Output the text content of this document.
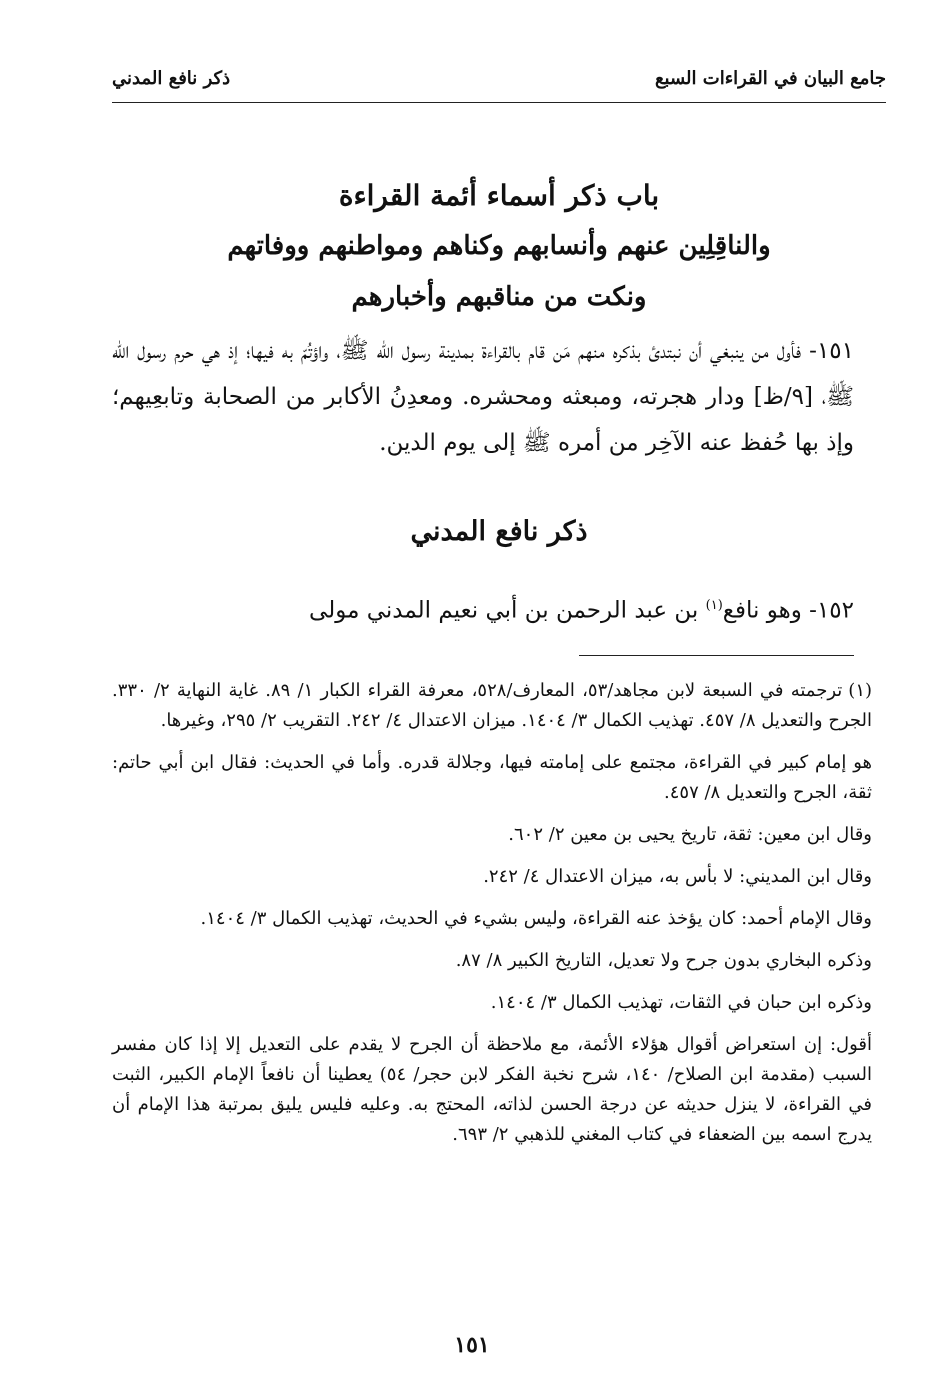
جامع البيان في القراءات السبع
ذكر نافع المدني
باب ذكر أسماء أئمة القراءة
والناقِلِين عنهم وأنسابهم وكناهم ومواطنهم ووفاتهم
ونكت من مناقبهم وأخبارهم

١٥١- فأول من ينبغي أن نبتدئ بذكره منهم مَن قام بالقراءة بمدينة رسول الله ﷺ، واؤتُمّ به فيها؛ إذ هي حرم رسول الله ﷺ، [٩/ظ] ودار هجرته، ومبعثه ومحشره. ومعدِنُ الأكابر من الصحابة وتابعِيهم؛ وإذ بها حُفظ عنه الآخِر من أمره ﷺ إلى يوم الدين.

ذكر نافع المدني

١٥٢- وهو نافع$^{(١)}$ بن عبد الرحمن بن أبي نعيم المدني مولى

(١)ترجمته في السبعة لابن مجاهد/٥٣، المعارف/٥٢٨، معرفة القراء الكبار ١/ ٨٩. غاية النهاية ٢/ ٣٣٠. الجرح والتعديل ٨/ ٤٥٧. تهذيب الكمال ٣/ ١٤٠٤. ميزان الاعتدال ٤/ ٢٤٢. التقريب ٢/ ٢٩٥، وغيرها.

هو إمام كبير في القراءة، مجتمع على إمامته فيها، وجلالة قدره. وأما في الحديث: فقال ابن أبي حاتم: ثقة، الجرح والتعديل ٨/ ٤٥٧.

وقال ابن معين: ثقة، تاريخ يحيى بن معين ٢/ ٦٠٢.

وقال ابن المديني: لا بأس به، ميزان الاعتدال ٤/ ٢٤٢.

وقال الإمام أحمد: كان يؤخذ عنه القراءة، وليس بشيء في الحديث، تهذيب الكمال ٣/ ١٤٠٤.

وذكره البخاري بدون جرح ولا تعديل، التاريخ الكبير ٨/ ٨٧.

وذكره ابن حبان في الثقات، تهذيب الكمال ٣/ ١٤٠٤.

أقول: إن استعراض أقوال هؤلاء الأئمة، مع ملاحظة أن الجرح لا يقدم على التعديل إلا إذا كان مفسر السبب (مقدمة ابن الصلاح/ ١٤٠، شرح نخبة الفكر لابن حجر/ ٥٤) يعطينا أن نافعاً الإمام الكبير، الثبت في القراءة، لا ينزل حديثه عن درجة الحسن لذاته، المحتج به. وعليه فليس يليق بمرتبة هذا الإمام أن يدرج اسمه بين الضعفاء في كتاب المغني للذهبي ٢/ ٦٩٣.

١٥١
